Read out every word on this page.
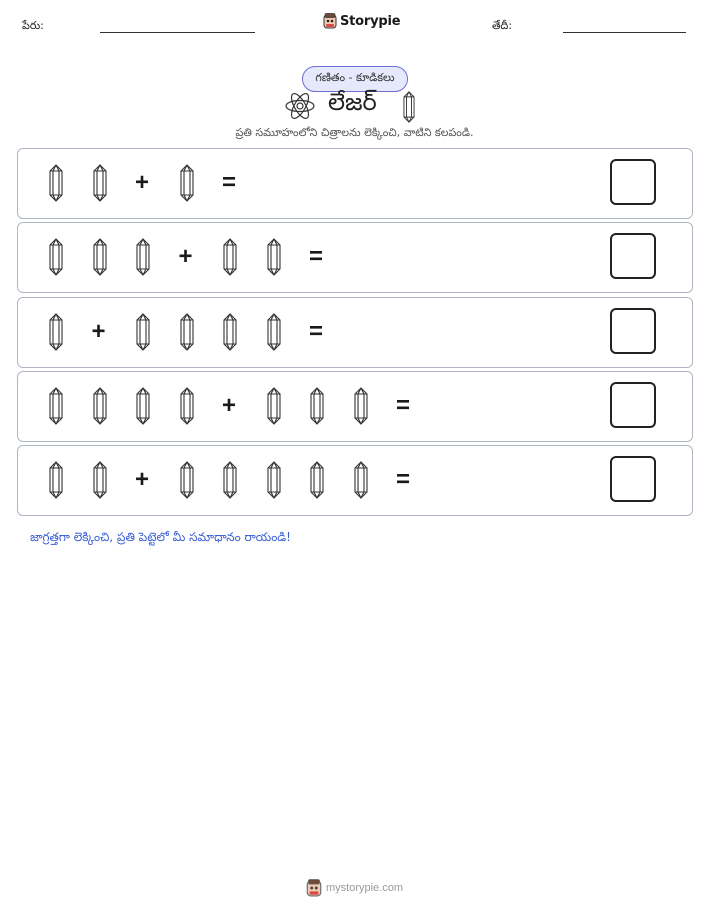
పేరు:	Storypie	తేదీ:
గణితం - కూడికలు
లేజర్
ప్రతి సమూహంలోని చిత్రాలను లెక్కించి, వాటిని కలపండి.
+	=
+	=
+	=
+	=
+	=
జాగ్రత్తగా లెక్కించి, ప్రతి పెట్టెలో మీ సమాధానం రాయండి!
mystorypie.com
